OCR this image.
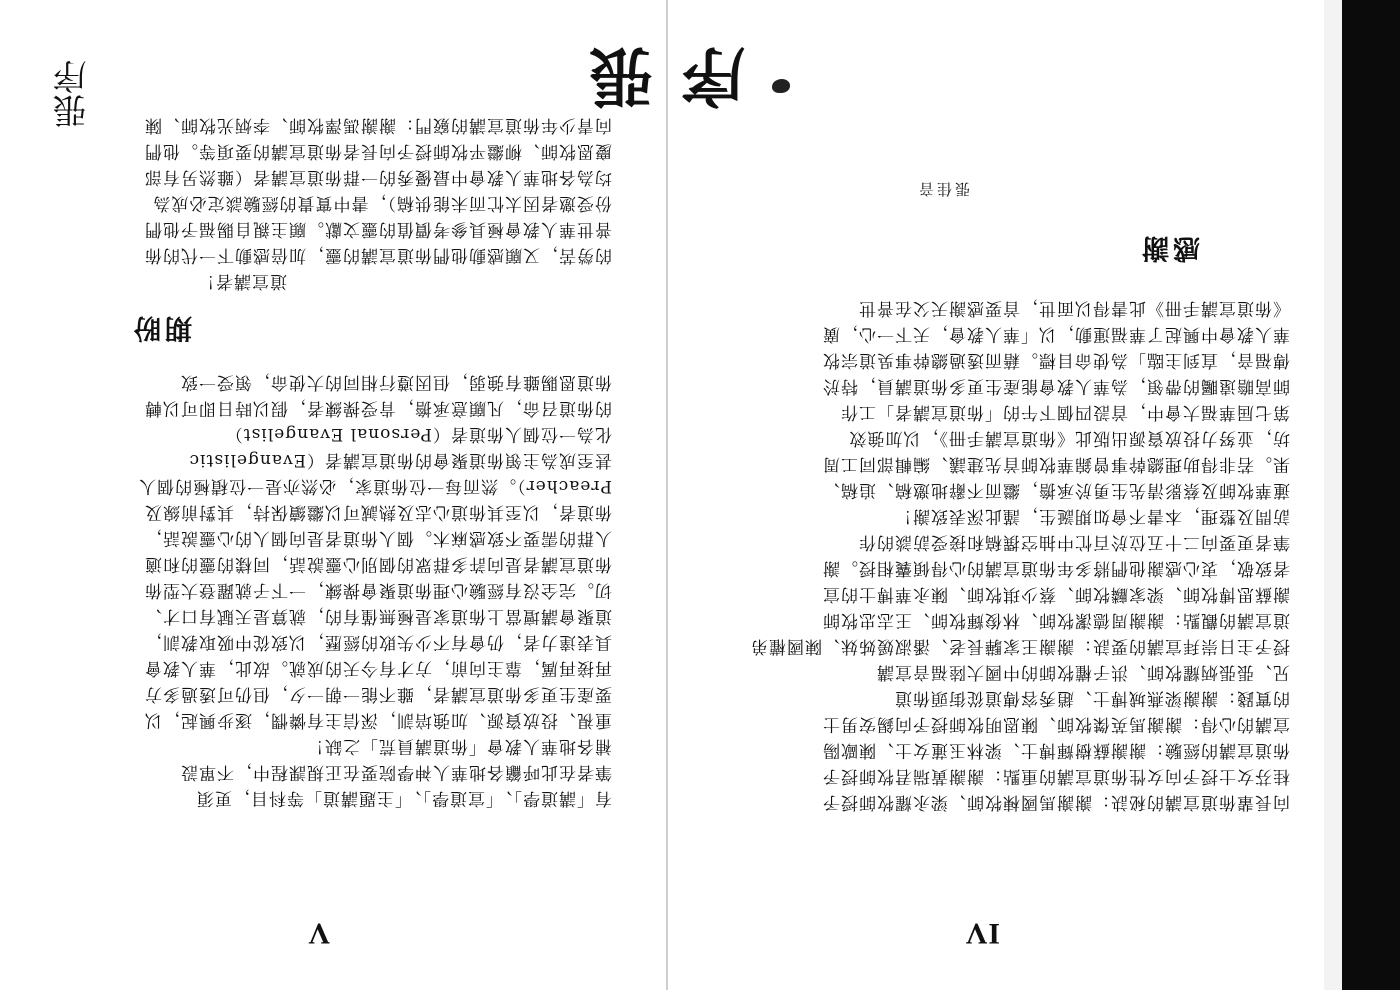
V
張序	向青少年佈道宣講的竅門：謝謝馮澤牧師、李炳光牧師、陳
慶恩牧師、柳繼平牧師授予向長者佈道宣講的要項等。他們
均為各地華人教會中最優秀的一群佈道宣講者（雖然另有部
份受邀者因太忙而未能供稿），書中實貴的經驗談定必成為
普世華人教會極具參考價值的靈文獻。願主親自賜福予他們
的勞苦，又願感動他們佈道宣講的靈，加倍感動下一代的佈
道宣講者！
期盼
佈道恩賜雖有強弱，但因遵行相同的大使命，領受一致
的佈道召命，凡願意承擔，肯受操練者，假以時日即可以轉
化為一位個人佈道者（Personal Evangelist）
甚至成為主領佈道聚會的佈道宣講者（Evangelistic
Preacher）。然而每一位佈道家，必然亦是一位積極的個人
佈道者，以至其佈道心志及熱誠可以繼續保持，其對前線及
人群的需要不致感麻木。個人佈道者是向個人的心靈說話，
佈道宣講者是向許多群眾的個別心靈說話，同樣的靈的和適
切。完全沒有經驗心理佈道聚會操練，一下子就躍登大型佈
道聚會講壇當上佈道家是極無僅有的，就算是天賦有口才、
具表達力者，仍會有不少失敗的經歷，以致從中吸取教訓，
再接再厲，靠主向前，方才有今天的成就。故此，華人教會
要產生更多佈道宣講者，雖不能一朝一夕，但仍可透過多方
重視、投放資源、加強培訓，深信主有憐憫，逐步興起，以
補各地華人教會「佈道講員荒」之缺！
筆者在此呼籲各地華人神學院要在正規課程中，不單設
有「講道學」、「宣道學」、「主題講道」等科目，更須
IV
張序
張佳音
感謝
《佈道宣講手冊》此書得以面世，首要感謝天父在普世
華人教會中興起了華福運動，以「華人教會，天下一心，廣
傳福音，直到主臨」為使命目標。藉而透過總幹事吳道宗牧
師高瞻遠矚的帶領，為華人教會能產生更多佈道講員，特於
第七屆華福大會中，首設四個下午的「佈道宣講者」工作
坊，並努力投放資源出版此《佈道宣講手冊》，以加強效
果。若非得助理總幹事曾錦華牧師首先建議、編輯部同工周
蓮華牧師及蔡影清先生勇於承擔，繼而不辭地邀稿、追稿、
訪問及整理，本書不會如期誕生，謹此深表致謝！
筆者更要向二十五位於百忙中抽空撰稿和接受訪談的作
者致敬，衷心感謝他們將多年佈道宣講的心得傾囊相授。謝
謝蘇思博牧師、梁家麟牧師、蔡少琪牧師、陳永華博士的宣
道宣講的觀點：謝謝周德潔牧師、林俊輝牧師、王志忠牧師
授予主日崇拜宣講的要訣：謝謝王家驊長老、潘淑媛姊妹、陳國權弟
兄、張張炳耀牧師、洪子權牧師的中國大陸福音宣講
的實踐：謝謝梁燕城博士、趙秀容傳道從街頭佈道
宣講的心得：謝謝馬英傑牧師、陳恩明牧師授予向錫安男士
佈道宣講的經驗：謝謝蘇樹輝博士、梁林玉蓮女士、陳歐陽
桂芬女士授予向女性佈道宣講的重點：謝謝黃瑞君牧師授予
向長輩佈道宣講的秘訣：謝謝馬國棟牧師、梁永耀牧師授予
